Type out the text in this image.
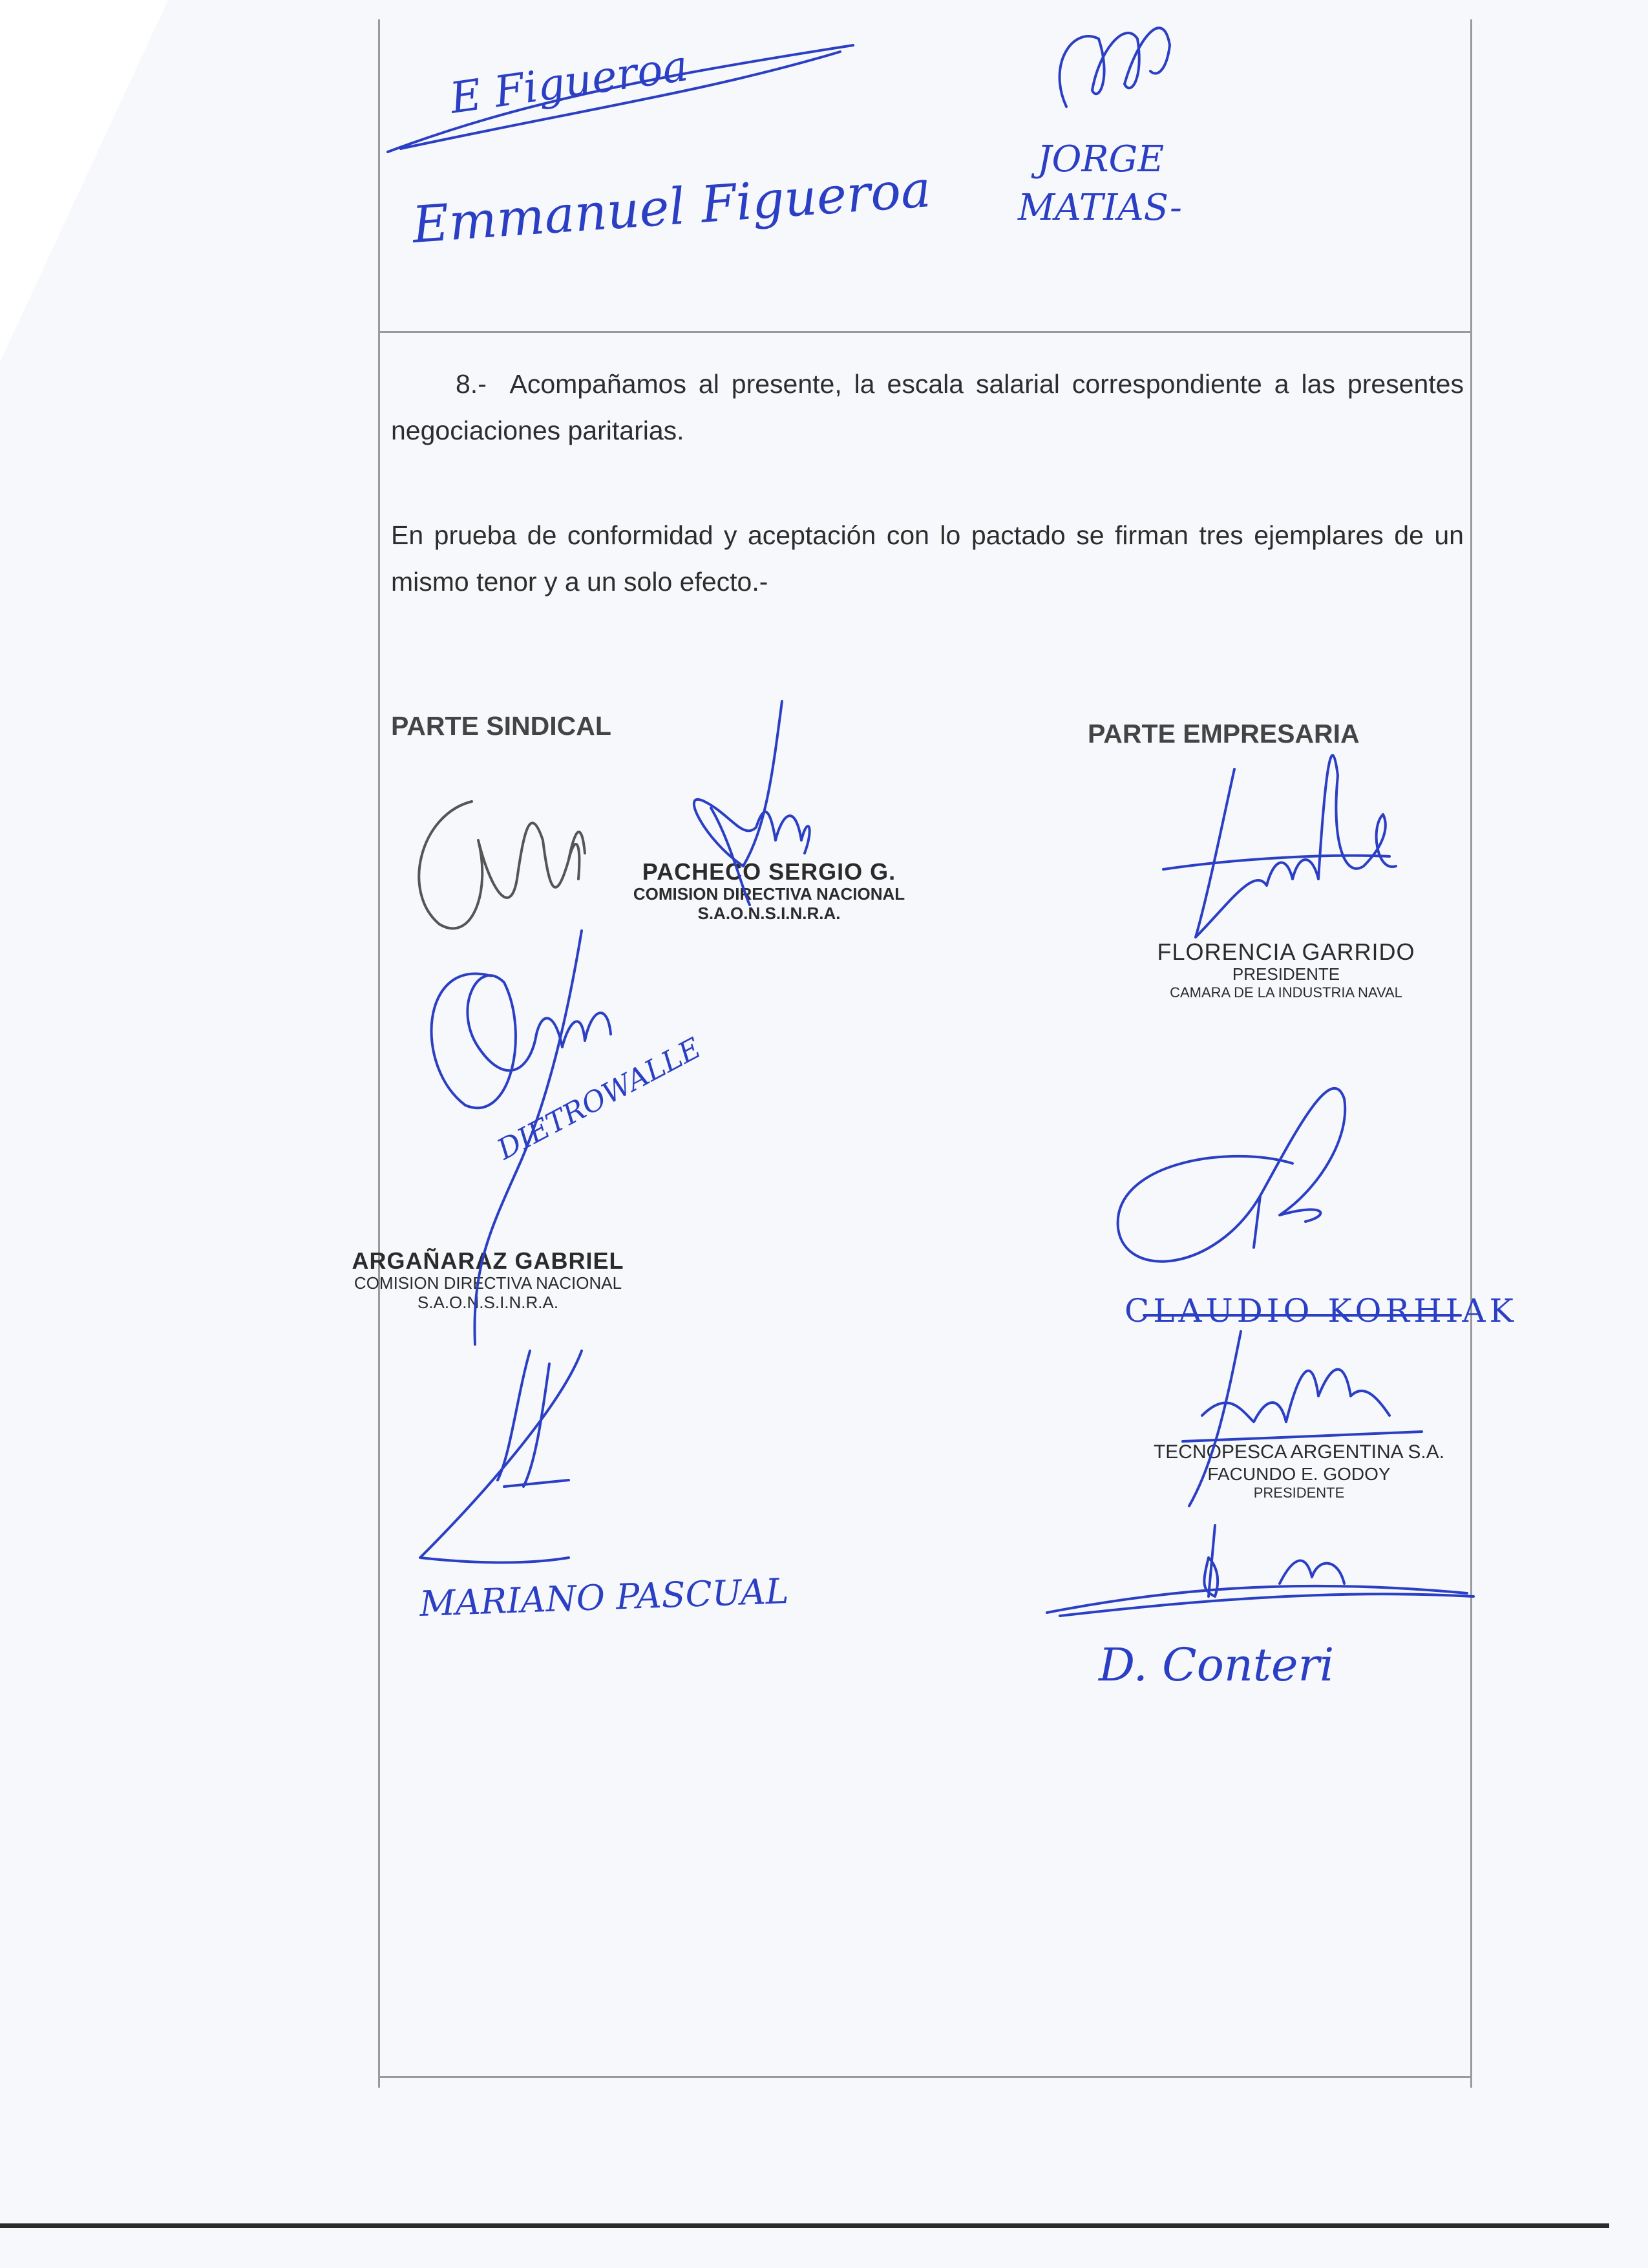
8.- Acompañamos al presente, la escala salarial correspondiente a las presentes negociaciones paritarias.

En prueba de conformidad y aceptación con lo pactado se firman tres ejemplares de un mismo tenor y a un solo efecto.-

PARTE SINDICAL	PARTE EMPRESARIA
PACHECO SERGIO G.
COMISION DIRECTIVA NACIONAL
S.A.O.N.S.I.N.R.A.
ARGAÑARAZ GABRIEL
COMISION DIRECTIVA NACIONAL
S.A.O.N.S.I.N.R.A.
FLORENCIA GARRIDO
PRESIDENTE
CAMARA DE LA INDUSTRIA NAVAL
TECNOPESCA ARGENTINA S.A.
FACUNDO E. GODOY
PRESIDENTE
E Figueroa
Emmanuel Figueroa
JORGE
MATIAS-
DIETROWALLE
MARIANO PASCUAL
CLAUDIO KORHIAK
D. Conteri
